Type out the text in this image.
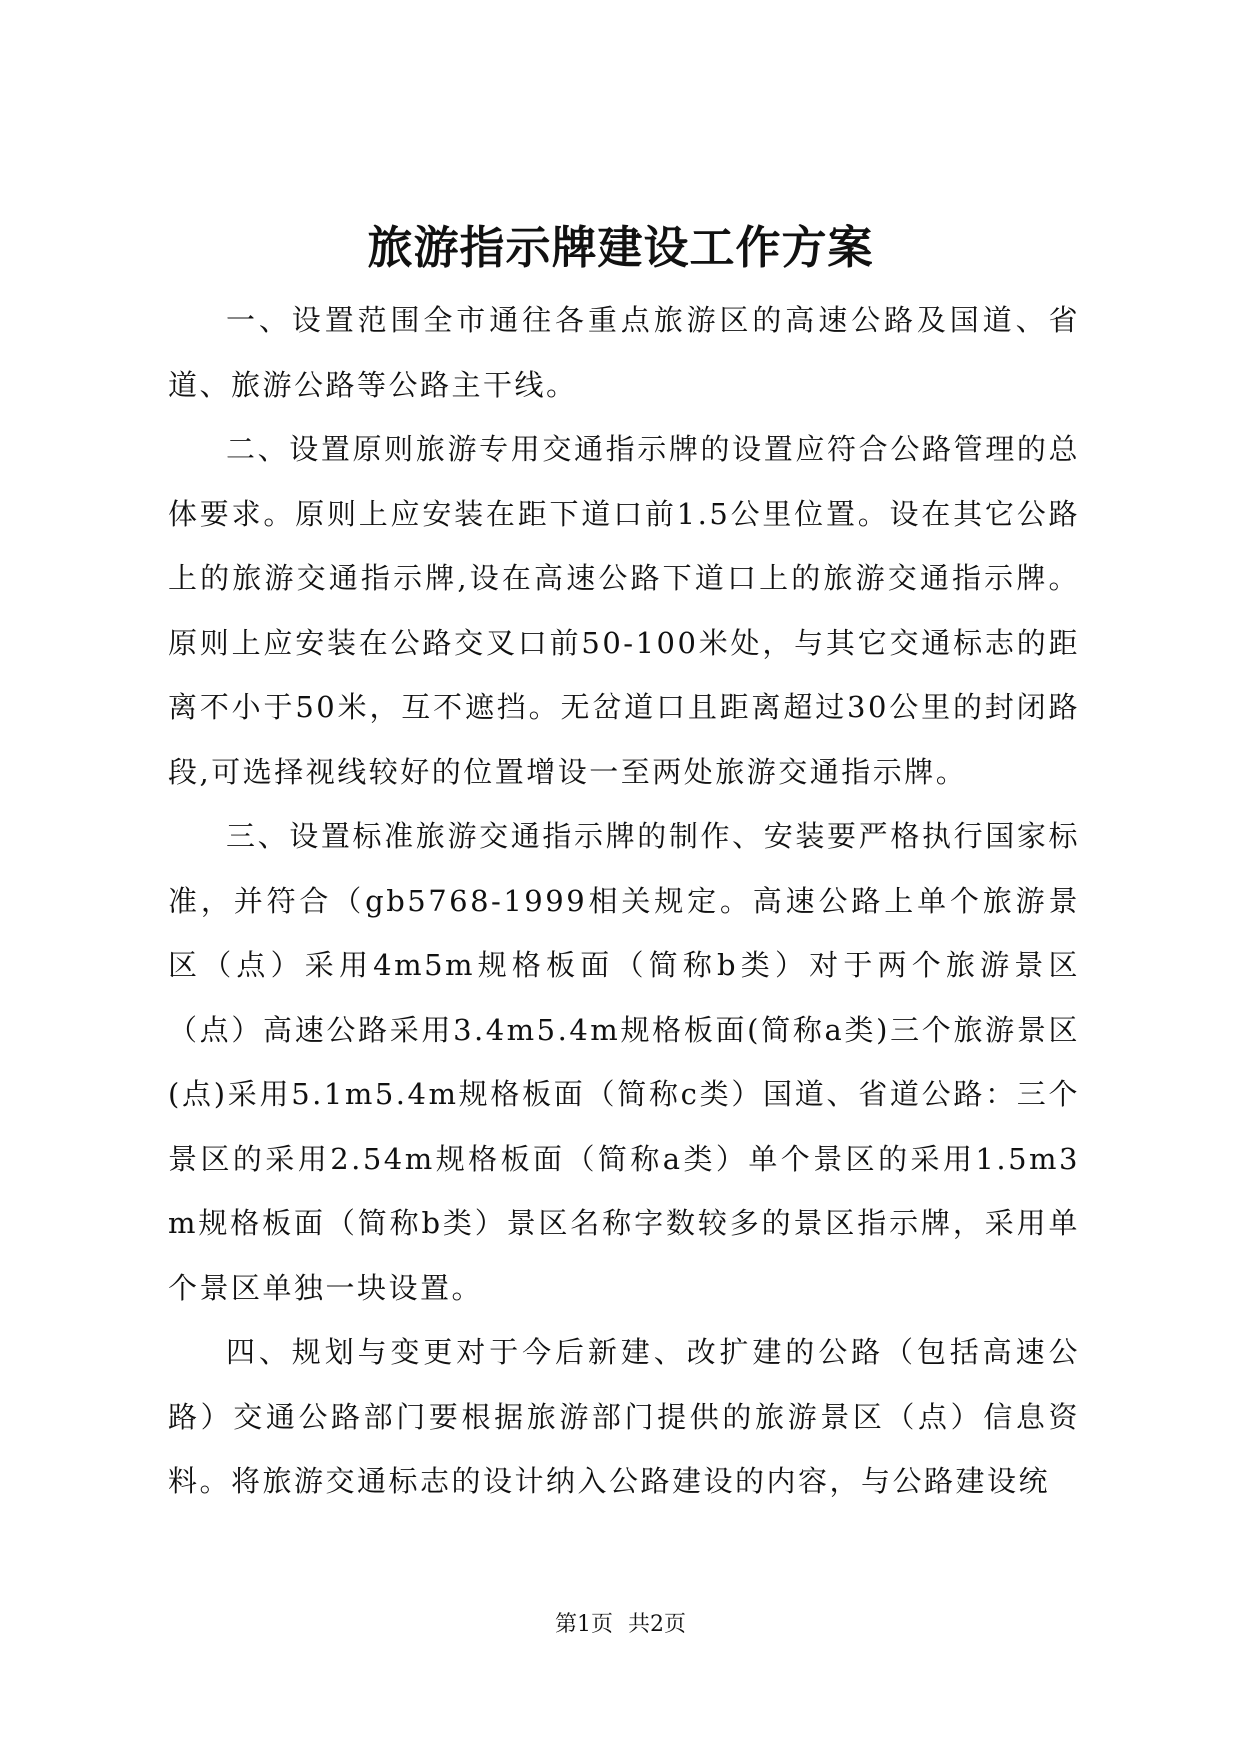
旅游指示牌建设工作方案

一、设置范围全市通往各重点旅游区的高速公路及国道、省道、旅游公路等公路主干线。

二、设置原则旅游专用交通指示牌的设置应符合公路管理的总体要求。原则上应安装在距下道口前1.5公里位置。设在其它公路上的旅游交通指示牌,设在高速公路下道口上的旅游交通指示牌。原则上应安装在公路交叉口前50-100米处，与其它交通标志的距离不小于50米，互不遮挡。无岔道口且距离超过30公里的封闭路段,可选择视线较好的位置增设一至两处旅游交通指示牌。

三、设置标准旅游交通指示牌的制作、安装要严格执行国家标准，并符合（gb5768-1999相关规定。高速公路上单个旅游景区（点）采用4m5m规格板面（简称b类）对于两个旅游景区（点）高速公路采用3.4m5.4m规格板面(简称a类)三个旅游景区(点)采用5.1m5.4m规格板面（简称c类）国道、省道公路：三个景区的采用2.54m规格板面（简称a类）单个景区的采用1.5m3m规格板面（简称b类）景区名称字数较多的景区指示牌，采用单个景区单独一块设置。

四、规划与变更对于今后新建、改扩建的公路（包括高速公路）交通公路部门要根据旅游部门提供的旅游景区（点）信息资料。将旅游交通标志的设计纳入公路建设的内容，与公路建设统

第1页 共2页
